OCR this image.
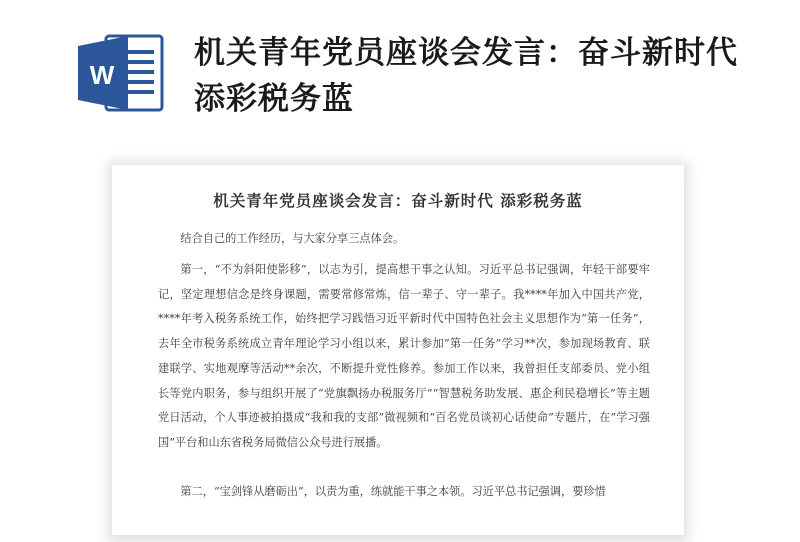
W
机关青年党员座谈会发言：奋斗新时代 添彩税务蓝
机关青年党员座谈会发言：奋斗新时代 添彩税务蓝

结合自己的工作经历，与大家分享三点体会。

第一，“不为斜阳使影移”，以志为引，提高想干事之认知。习近平总书记强调，年轻干部要牢记，坚定理想信念是终身课题，需要常修常炼，信一辈子、守一辈子。我****年加入中国共产党，****年考入税务系统工作，始终把学习践悟习近平新时代中国特色社会主义思想作为“第一任务”，去年全市税务系统成立青年理论学习小组以来，累计参加“第一任务”学习**次，参加现场教育、联建联学、实地观摩等活动**余次，不断提升党性修养。参加工作以来，我曾担任支部委员、党小组长等党内职务，参与组织开展了“党旗飘扬办税服务厅”“智慧税务助发展、惠企利民稳增长”等主题党日活动，个人事迹被拍摄成“我和我的支部”微视频和“百名党员谈初心话使命”专题片，在“学习强国”平台和山东省税务局微信公众号进行展播。

第二，“宝剑锋从磨砺出”，以责为重，练就能干事之本领。习近平总书记强调，要珍惜
